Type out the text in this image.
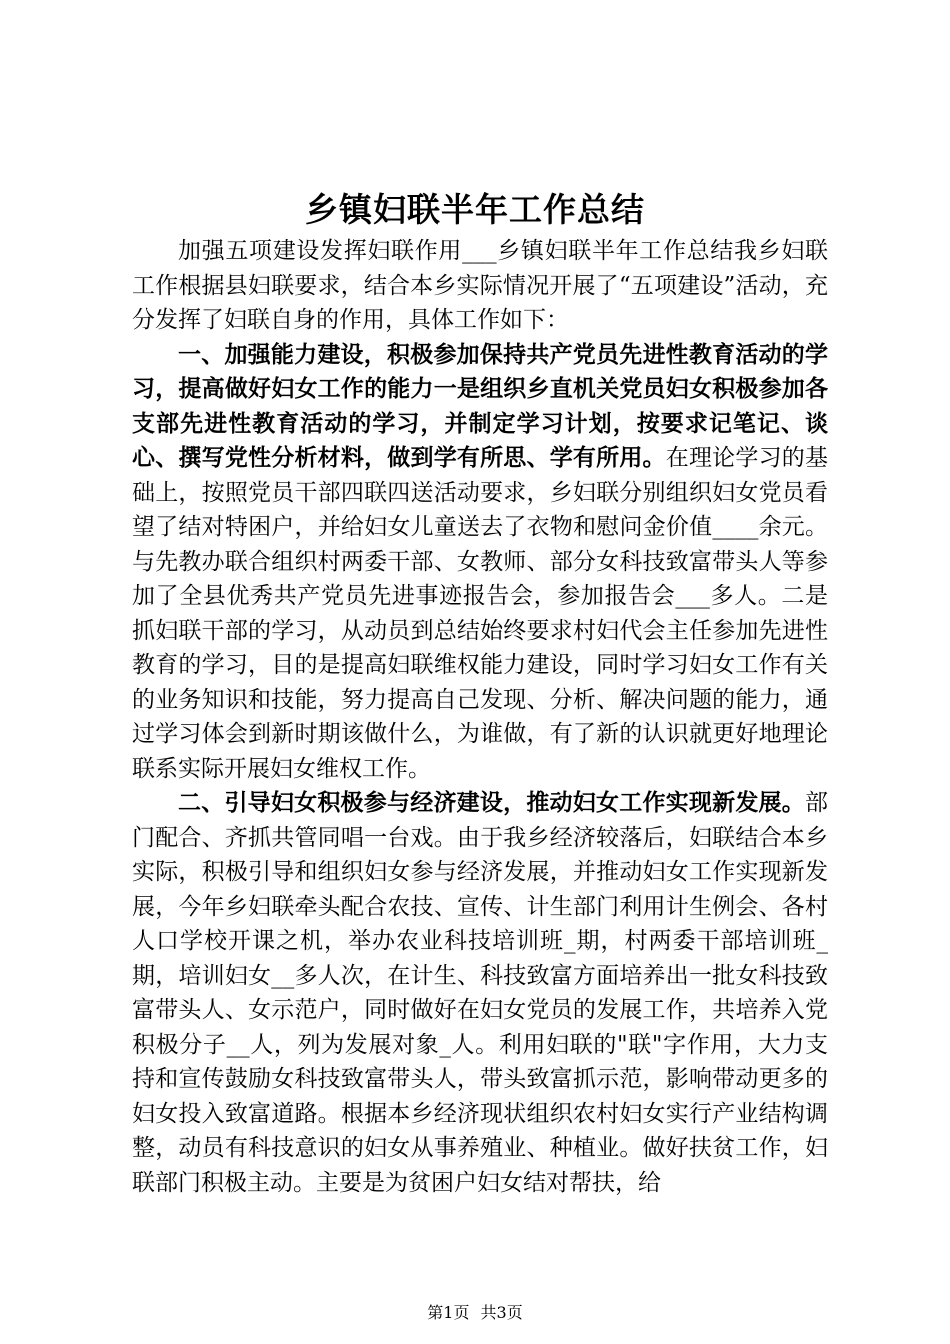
乡镇妇联半年工作总结

加强五项建设发挥妇联作用___乡镇妇联半年工作总结我乡妇联工作根据县妇联要求，结合本乡实际情况开展了“五项建设”活动，充分发挥了妇联自身的作用，具体工作如下：

一、加强能力建设，积极参加保持共产党员先进性教育活动的学习，提高做好妇女工作的能力一是组织乡直机关党员妇女积极参加各支部先进性教育活动的学习，并制定学习计划，按要求记笔记、谈心、撰写党性分析材料，做到学有所思、学有所用。在理论学习的基础上，按照党员干部四联四送活动要求，乡妇联分别组织妇女党员看望了结对特困户，并给妇女儿童送去了衣物和慰问金价值____余元。与先教办联合组织村两委干部、女教师、部分女科技致富带头人等参加了全县优秀共产党员先进事迹报告会，参加报告会___多人。二是抓妇联干部的学习，从动员到总结始终要求村妇代会主任参加先进性教育的学习，目的是提高妇联维权能力建设，同时学习妇女工作有关的业务知识和技能，努力提高自己发现、分析、解决问题的能力，通过学习体会到新时期该做什么，为谁做，有了新的认识就更好地理论联系实际开展妇女维权工作。

二、引导妇女积极参与经济建设，推动妇女工作实现新发展。部门配合、齐抓共管同唱一台戏。由于我乡经济较落后，妇联结合本乡实际，积极引导和组织妇女参与经济发展，并推动妇女工作实现新发展，今年乡妇联牵头配合农技、宣传、计生部门利用计生例会、各村人口学校开课之机，举办农业科技培训班_期，村两委干部培训班_期，培训妇女__多人次，在计生、科技致富方面培养出一批女科技致富带头人、女示范户，同时做好在妇女党员的发展工作，共培养入党积极分子__人，列为发展对象_人。利用妇联的"联"字作用，大力支持和宣传鼓励女科技致富带头人，带头致富抓示范，影响带动更多的妇女投入致富道路。根据本乡经济现状组织农村妇女实行产业结构调整，动员有科技意识的妇女从事养殖业、种植业。做好扶贫工作，妇联部门积极主动。主要是为贫困户妇女结对帮扶，给

第1页 共3页
